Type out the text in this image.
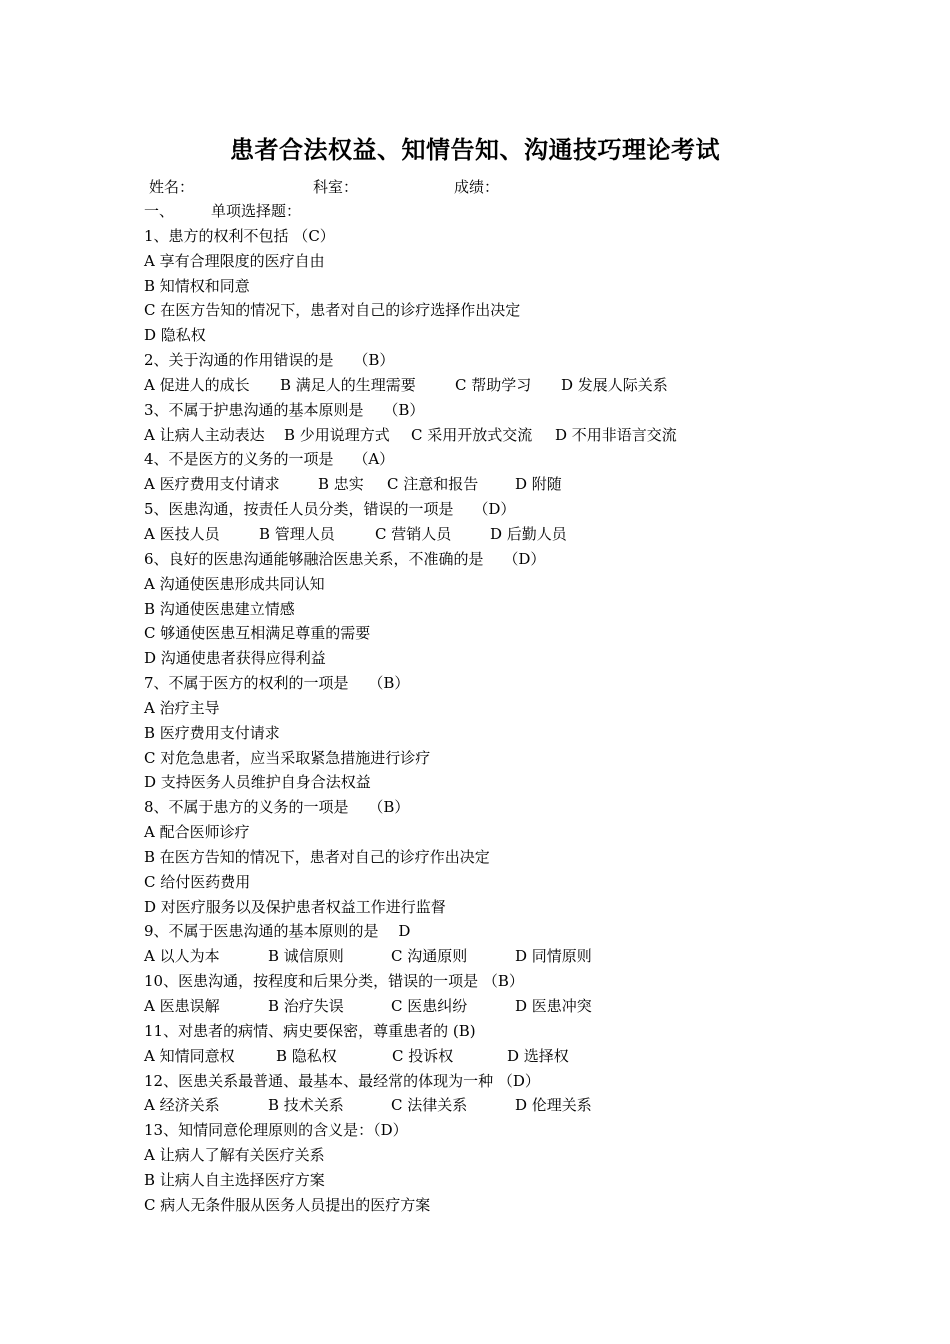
患者合法权益、知情告知、沟通技巧理论考试
姓名：	科室：	成绩：
一、 单项选择题：
1、患方的权利不包括 （C）
A 享有合理限度的医疗自由
B 知情权和同意
C 在医方告知的情况下，患者对自己的诊疗选择作出决定
D 隐私权
2、关于沟通的作用错误的是　 （B）
A 促进人的成长 B 满足人的生理需要	C 帮助学习 D 发展人际关系
3、不属于护患沟通的基本原则是　 （B）
A 让病人主动表达 B 少用说理方式 C 采用开放式交流 D 不用非语言交流
4、不是医方的义务的一项是　 （A）
A 医疗费用支付请求	B 忠实 C 注意和报告 D 附随
5、医患沟通，按责任人员分类，错误的一项是　 （D）
A 医技人员	B 管理人员	C 营销人员	D 后勤人员
6、良好的医患沟通能够融洽医患关系，不准确的是　 （D）
A 沟通使医患形成共同认知
B 沟通使医患建立情感
C 够通使医患互相满足尊重的需要
D 沟通使患者获得应得利益
7、不属于医方的权利的一项是　 （B）
A 治疗主导
B 医疗费用支付请求
C 对危急患者，应当采取紧急措施进行诊疗
D 支持医务人员维护自身合法权益
8、不属于患方的义务的一项是　 （B）
A 配合医师诊疗
B 在医方告知的情况下，患者对自己的诊疗作出决定
C 给付医药费用
D 对医疗服务以及保护患者权益工作进行监督
9、不属于医患沟通的基本原则的是　 D
A 以人为本	B 诚信原则	C 沟通原则	D 同情原则
10、医患沟通，按程度和后果分类，错误的一项是 （B）
A 医患误解	B 治疗失误	C 医患纠纷	D 医患冲突
11、对患者的病情、病史要保密，尊重患者的 (B)
A 知情同意权	B 隐私权	C 投诉权	D 选择权
12、医患关系最普通、最基本、最经常的体现为一种 （D）
A 经济关系	B 技术关系	C 法律关系	D 伦理关系
13、知情同意伦理原则的含义是：（D）
A 让病人了解有关医疗关系
B 让病人自主选择医疗方案
C 病人无条件服从医务人员提出的医疗方案
